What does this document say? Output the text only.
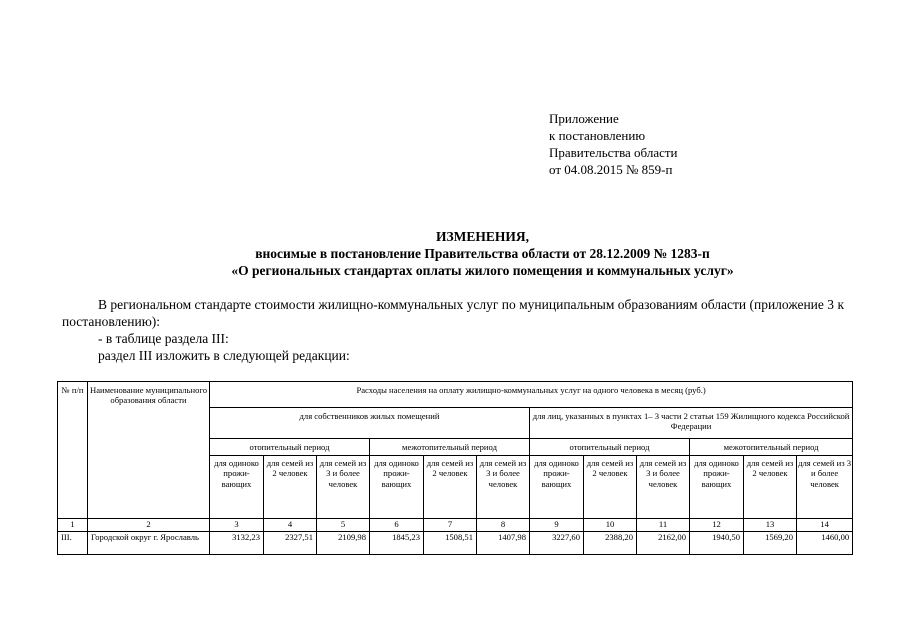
Приложение
к постановлению
Правительства области
от 04.08.2015 № 859-п
ИЗМЕНЕНИЯ,
вносимые в постановление Правительства области от 28.12.2009 № 1283-п
«О региональных стандартах оплаты жилого помещения и коммунальных услуг»
В региональном стандарте стоимости жилищно-коммунальных услуг по муниципальным образованиям области (приложение 3 к постановлению):
- в таблице раздела III:
раздел III изложить в следующей редакции:
№ п/п	Наименование муниципального образования области	Расходы населения на оплату жилищно-коммунальных услуг на одного человека в месяц (руб.)											
		для собственников жилых помещений						для лиц, указанных в пунктах 1– 3 части 2 статьи 159 Жилищного кодекса Российской Федерации					
		отопительный период			межотопительный период			отопительный период			межотопительный период		
		для одиноко прожи-вающих	для семей из 2 человек	для семей из 3 и более человек	для одиноко прожи-вающих	для семей из 2 человек	для семей из 3 и более человек	для одиноко прожи-вающих	для семей из 2 человек	для семей из 3 и более человек	для одиноко прожи-вающих	для семей из 2 человек	для семей из 3 и более человек
1	2	3	4	5	6	7	8	9	10	11	12	13	14
III.	Городской округ г. Ярославль	3132,23	2327,51	2109,98	1845,23	1508,51	1407,98	3227,60	2388,20	2162,00	1940,50	1569,20	1460,00
